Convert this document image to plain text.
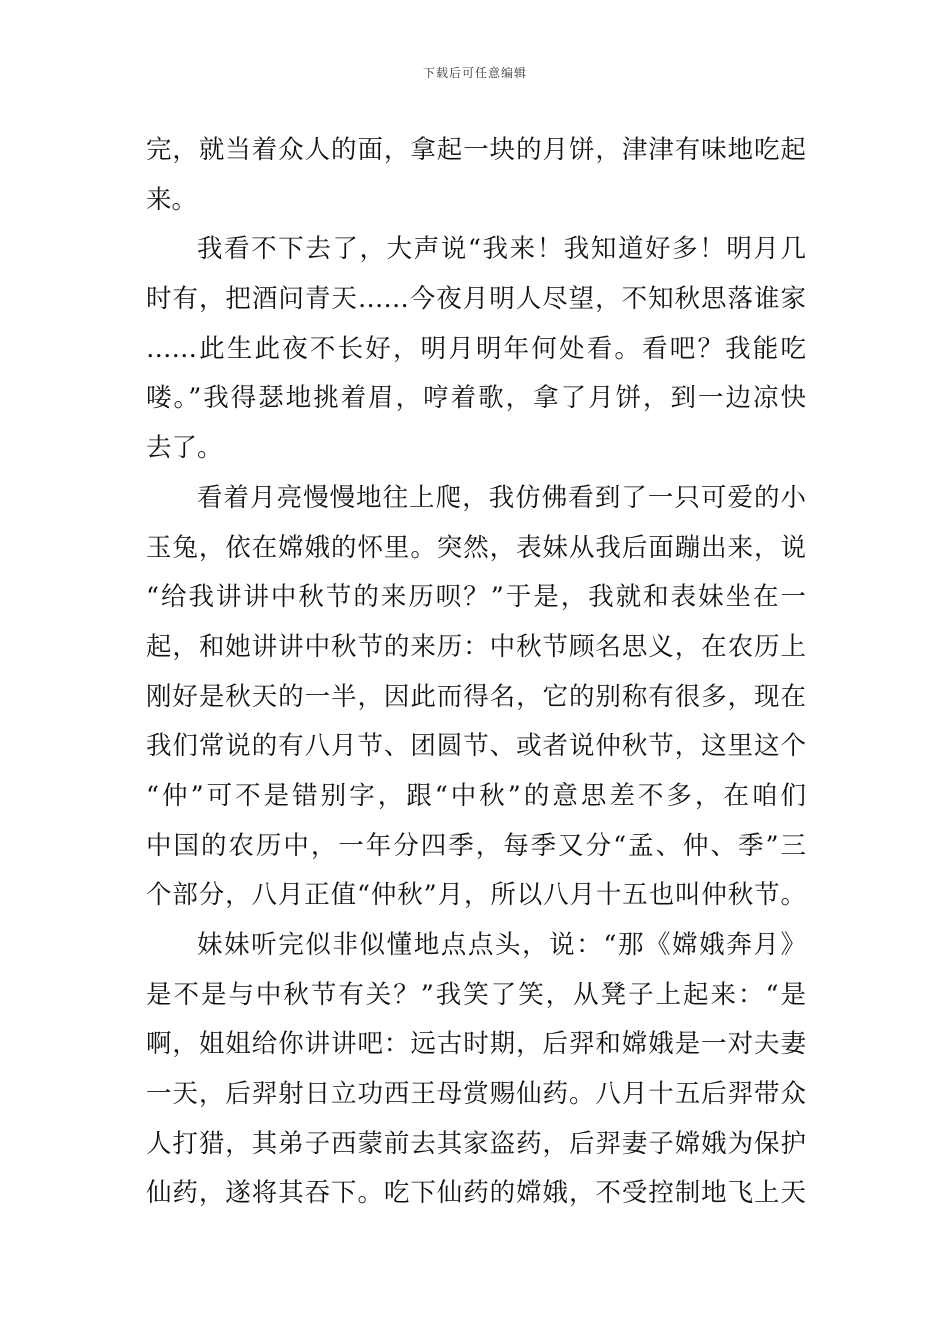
下载后可任意编辑
完，就当着众人的面，拿起一块的月饼，津津有味地吃起
来。
我看不下去了，大声说“我来！我知道好多！明月几
时有，把酒问青天……今夜月明人尽望，不知秋思落谁家
……此生此夜不长好，明月明年何处看。看吧？我能吃
喽。”我得瑟地挑着眉，哼着歌，拿了月饼，到一边凉快
去了。
看着月亮慢慢地往上爬，我仿佛看到了一只可爱的小
玉兔，依在嫦娥的怀里。突然，表妹从我后面蹦出来，说
“给我讲讲中秋节的来历呗？”于是，我就和表妹坐在一
起，和她讲讲中秋节的来历：中秋节顾名思义，在农历上
刚好是秋天的一半，因此而得名，它的别称有很多，现在
我们常说的有八月节、团圆节、或者说仲秋节，这里这个
“仲”可不是错别字，跟“中秋”的意思差不多，在咱们
中国的农历中，一年分四季，每季又分“孟、仲、季”三
个部分，八月正值“仲秋”月，所以八月十五也叫仲秋节。
妹妹听完似非似懂地点点头，说：“那《嫦娥奔月》
是不是与中秋节有关？”我笑了笑，从凳子上起来：“是
啊，姐姐给你讲讲吧：远古时期，后羿和嫦娥是一对夫妻
一天，后羿射日立功西王母赏赐仙药。八月十五后羿带众
人打猎，其弟子西蒙前去其家盗药，后羿妻子嫦娥为保护
仙药，遂将其吞下。吃下仙药的嫦娥，不受控制地飞上天
